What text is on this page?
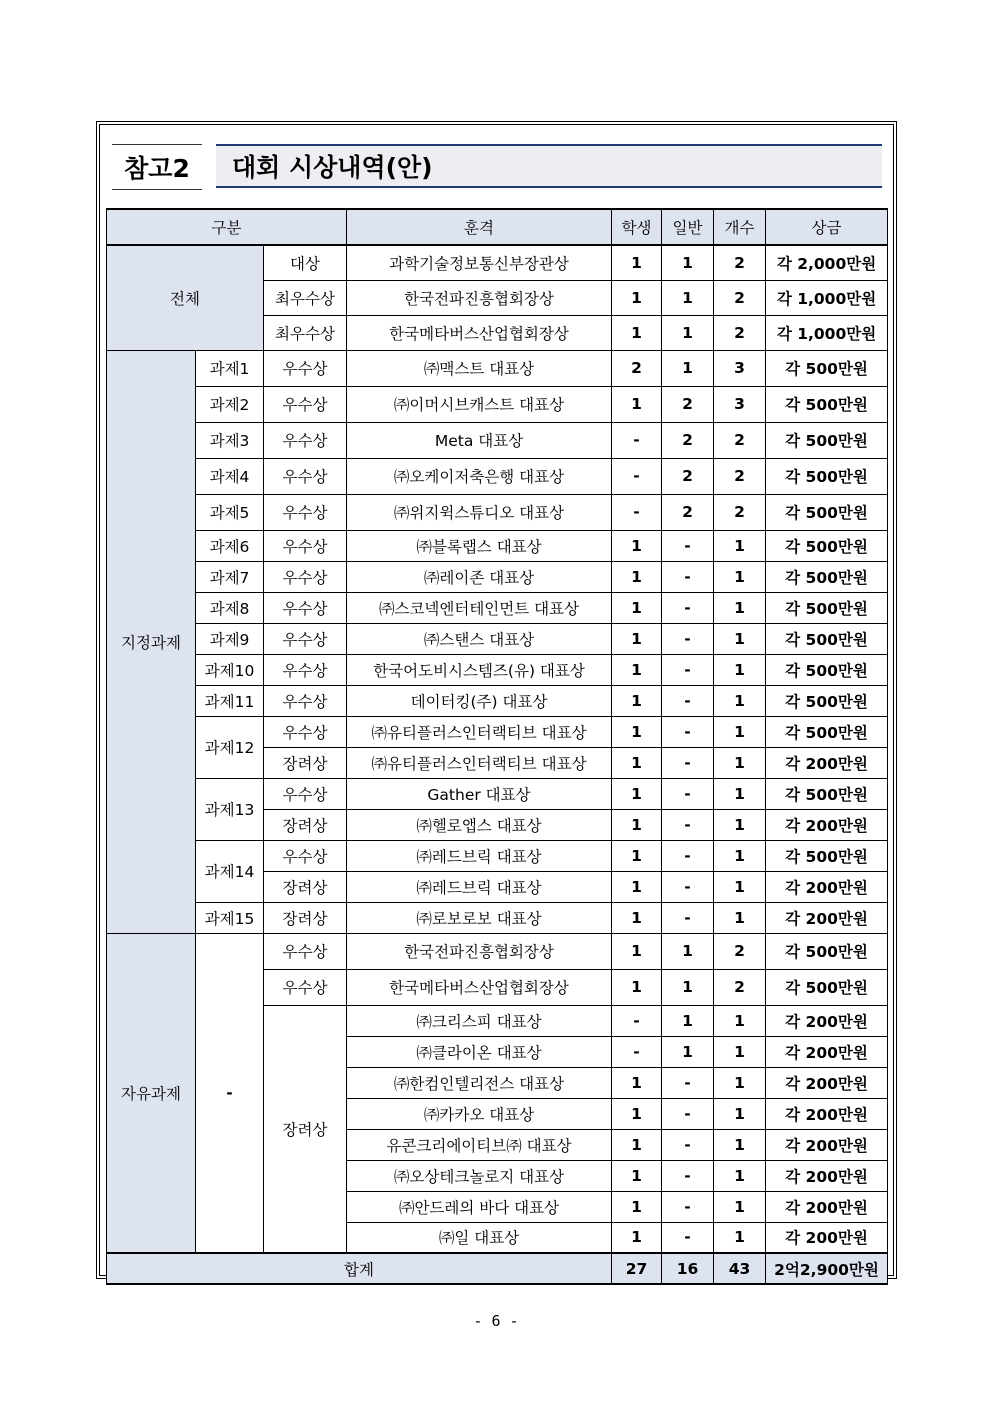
참고2	대회 시상내역(안)
구분			훈격	학생	일반	개수	상금
전체		대상	과학기술정보통신부장관상	1	1	2	각 2,000만원
		최우수상	한국전파진흥협회장상	1	1	2	각 1,000만원
		최우수상	한국메타버스산업협회장상	1	1	2	각 1,000만원
지정과제	과제1	우수상	㈜맥스트 대표상	2	1	3	각 500만원
	과제2	우수상	㈜이머시브캐스트 대표상	1	2	3	각 500만원
	과제3	우수상	Meta 대표상	-	2	2	각 500만원
	과제4	우수상	㈜오케이저축은행 대표상	-	2	2	각 500만원
	과제5	우수상	㈜위지윅스튜디오 대표상	-	2	2	각 500만원
	과제6	우수상	㈜블록랩스 대표상	1	-	1	각 500만원
	과제7	우수상	㈜레이존 대표상	1	-	1	각 500만원
	과제8	우수상	㈜스코넥엔터테인먼트 대표상	1	-	1	각 500만원
	과제9	우수상	㈜스탠스 대표상	1	-	1	각 500만원
	과제10	우수상	한국어도비시스템즈(유) 대표상	1	-	1	각 500만원
	과제11	우수상	데이터킹(주) 대표상	1	-	1	각 500만원
	과제12	우수상	㈜유티플러스인터랙티브 대표상	1	-	1	각 500만원
		장려상	㈜유티플러스인터랙티브 대표상	1	-	1	각 200만원
	과제13	우수상	Gather 대표상	1	-	1	각 500만원
		장려상	㈜헬로앱스 대표상	1	-	1	각 200만원
	과제14	우수상	㈜레드브릭 대표상	1	-	1	각 500만원
		장려상	㈜레드브릭 대표상	1	-	1	각 200만원
	과제15	장려상	㈜로보로보 대표상	1	-	1	각 200만원
자유과제	-	우수상	한국전파진흥협회장상	1	1	2	각 500만원
		우수상	한국메타버스산업협회장상	1	1	2	각 500만원
		장려상	㈜크리스피 대표상	-	1	1	각 200만원
			㈜클라이온 대표상	-	1	1	각 200만원
			㈜한컴인텔리전스 대표상	1	-	1	각 200만원
			㈜카카오 대표상	1	-	1	각 200만원
			유콘크리에이티브㈜ 대표상	1	-	1	각 200만원
			㈜오상테크놀로지 대표상	1	-	1	각 200만원
			㈜안드레의 바다 대표상	1	-	1	각 200만원
			㈜일 대표상	1	-	1	각 200만원
합계				27	16	43	2억2,900만원
- 6 -
